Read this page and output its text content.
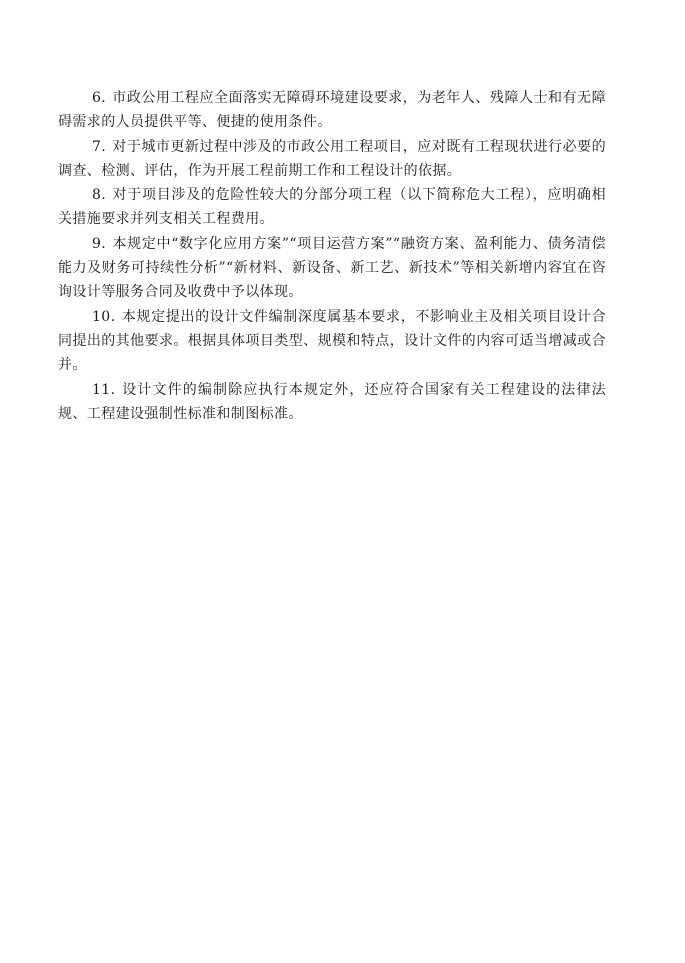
6. 市政公用工程应全面落实无障碍环境建设要求，为老年人、残障人士和有无障碍需求的人员提供平等、便捷的使用条件。

7. 对于城市更新过程中涉及的市政公用工程项目，应对既有工程现状进行必要的调查、检测、评估，作为开展工程前期工作和工程设计的依据。

8. 对于项目涉及的危险性较大的分部分项工程（以下简称危大工程），应明确相关措施要求并列支相关工程费用。

9. 本规定中“数字化应用方案”“项目运营方案”“融资方案、盈利能力、债务清偿能力及财务可持续性分析”“新材料、新设备、新工艺、新技术”等相关新增内容宜在咨询设计等服务合同及收费中予以体现。

10. 本规定提出的设计文件编制深度属基本要求，不影响业主及相关项目设计合同提出的其他要求。根据具体项目类型、规模和特点，设计文件的内容可适当增减或合并。

11. 设计文件的编制除应执行本规定外，还应符合国家有关工程建设的法律法规、工程建设强制性标准和制图标准。
